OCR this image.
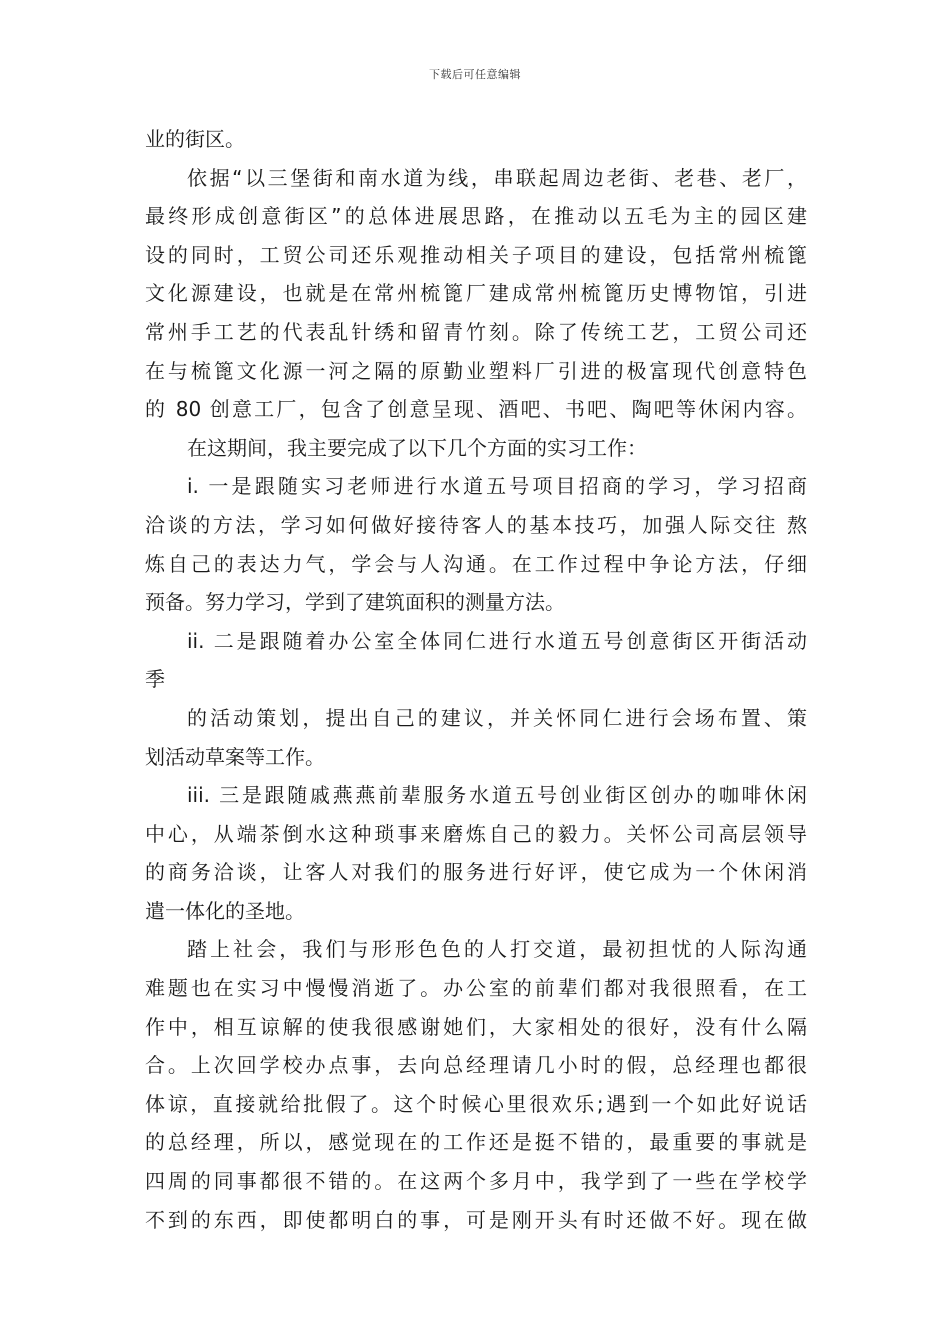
下载后可任意编辑
业的街区。
依据“以三堡街和南水道为线，串联起周边老街、老巷、老厂，
最终形成创意街区”的总体进展思路，在推动以五毛为主的园区建
设的同时，工贸公司还乐观推动相关子项目的建设，包括常州梳篦
文化源建设，也就是在常州梳篦厂建成常州梳篦历史博物馆，引进
常州手工艺的代表乱针绣和留青竹刻。除了传统工艺，工贸公司还
在与梳篦文化源一河之隔的原勤业塑料厂引进的极富现代创意特色
的 80 创意工厂，包含了创意呈现、酒吧、书吧、陶吧等休闲内容。
在这期间，我主要完成了以下几个方面的实习工作：
i. 一是跟随实习老师进行水道五号项目招商的学习，学习招商
洽谈的方法，学习如何做好接待客人的基本技巧，加强人际交往 熬
炼自己的表达力气，学会与人沟通。在工作过程中争论方法，仔细
预备。努力学习，学到了建筑面积的测量方法。
ii. 二是跟随着办公室全体同仁进行水道五号创意街区开街活动
季
的活动策划，提出自己的建议，并关怀同仁进行会场布置、策
划活动草案等工作。
iii. 三是跟随戚燕燕前辈服务水道五号创业街区创办的咖啡休闲
中心，从端茶倒水这种琐事来磨炼自己的毅力。关怀公司高层领导
的商务洽谈，让客人对我们的服务进行好评，使它成为一个休闲消
遣一体化的圣地。
踏上社会，我们与形形色色的人打交道，最初担忧的人际沟通
难题也在实习中慢慢消逝了。办公室的前辈们都对我很照看，在工
作中，相互谅解的使我很感谢她们，大家相处的很好，没有什么隔
合。上次回学校办点事，去向总经理请几小时的假，总经理也都很
体谅，直接就给批假了。这个时候心里很欢乐;遇到一个如此好说话
的总经理，所以，感觉现在的工作还是挺不错的，最重要的事就是
四周的同事都很不错的。在这两个多月中，我学到了一些在学校学
不到的东西，即使都明白的事，可是刚开头有时还做不好。现在做
